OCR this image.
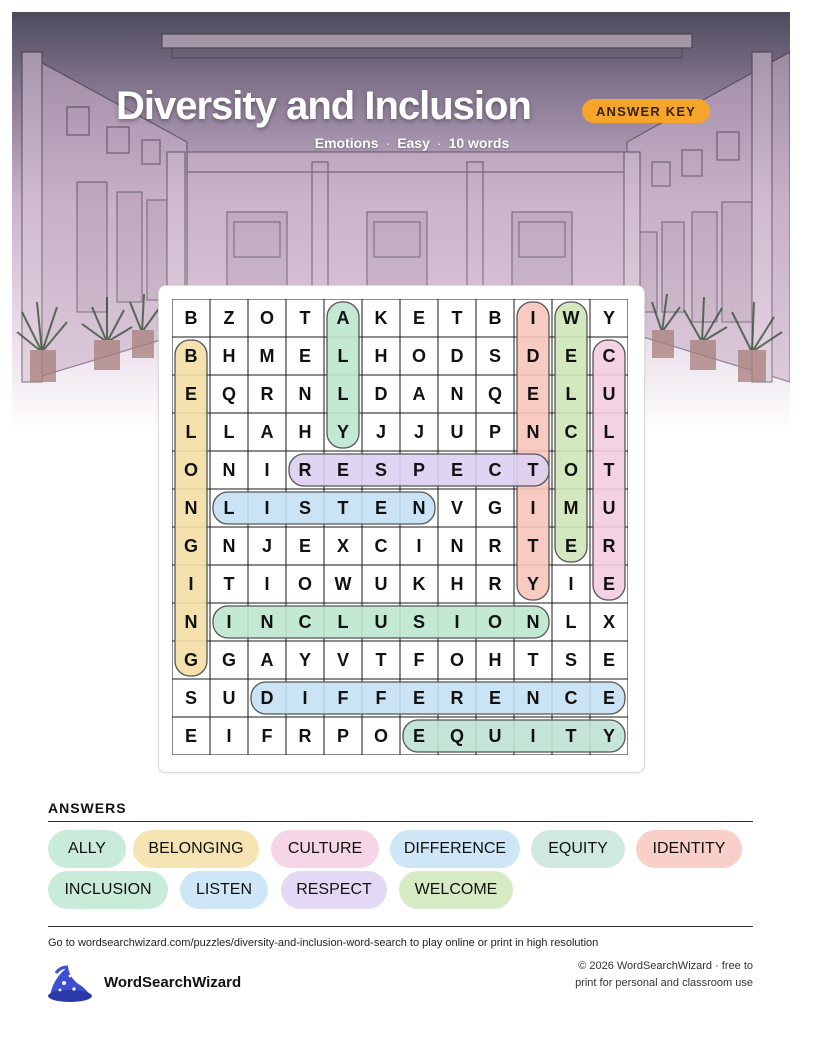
Diversity and Inclusion	ANSWER KEY
Emotions · Easy · 10 words
B	Z	O	T	A	K	E	T	B	I	W	Y
B	H	M	E	L	H	O	D	S	D	E	C
E	Q	R	N	L	D	A	N	Q	E	L	U
L	L	A	H	Y	J	J	U	P	N	C	L
O	N	I	R	E	S	P	E	C	T	O	T
N	L	I	S	T	E	N	V	G	I	M	U
G	N	J	E	X	C	I	N	R	T	E	R
I	T	I	O	W	U	K	H	R	Y	I	E
N	I	N	C	L	U	S	I	O	N	L	X
G	G	A	Y	V	T	F	O	H	T	S	E
S	U	D	I	F	F	E	R	E	N	C	E
E	I	F	R	P	O	E	Q	U	I	T	Y
ANSWERS
ALLY	BELONGING	CULTURE	DIFFERENCE	EQUITY	IDENTITY
INCLUSION	LISTEN	RESPECT	WELCOME
Go to wordsearchwizard.com/puzzles/diversity-and-inclusion-word-search to play online or print in high resolution
WordSearchWizard
© 2026 WordSearchWizard · free to print for personal and classroom use
